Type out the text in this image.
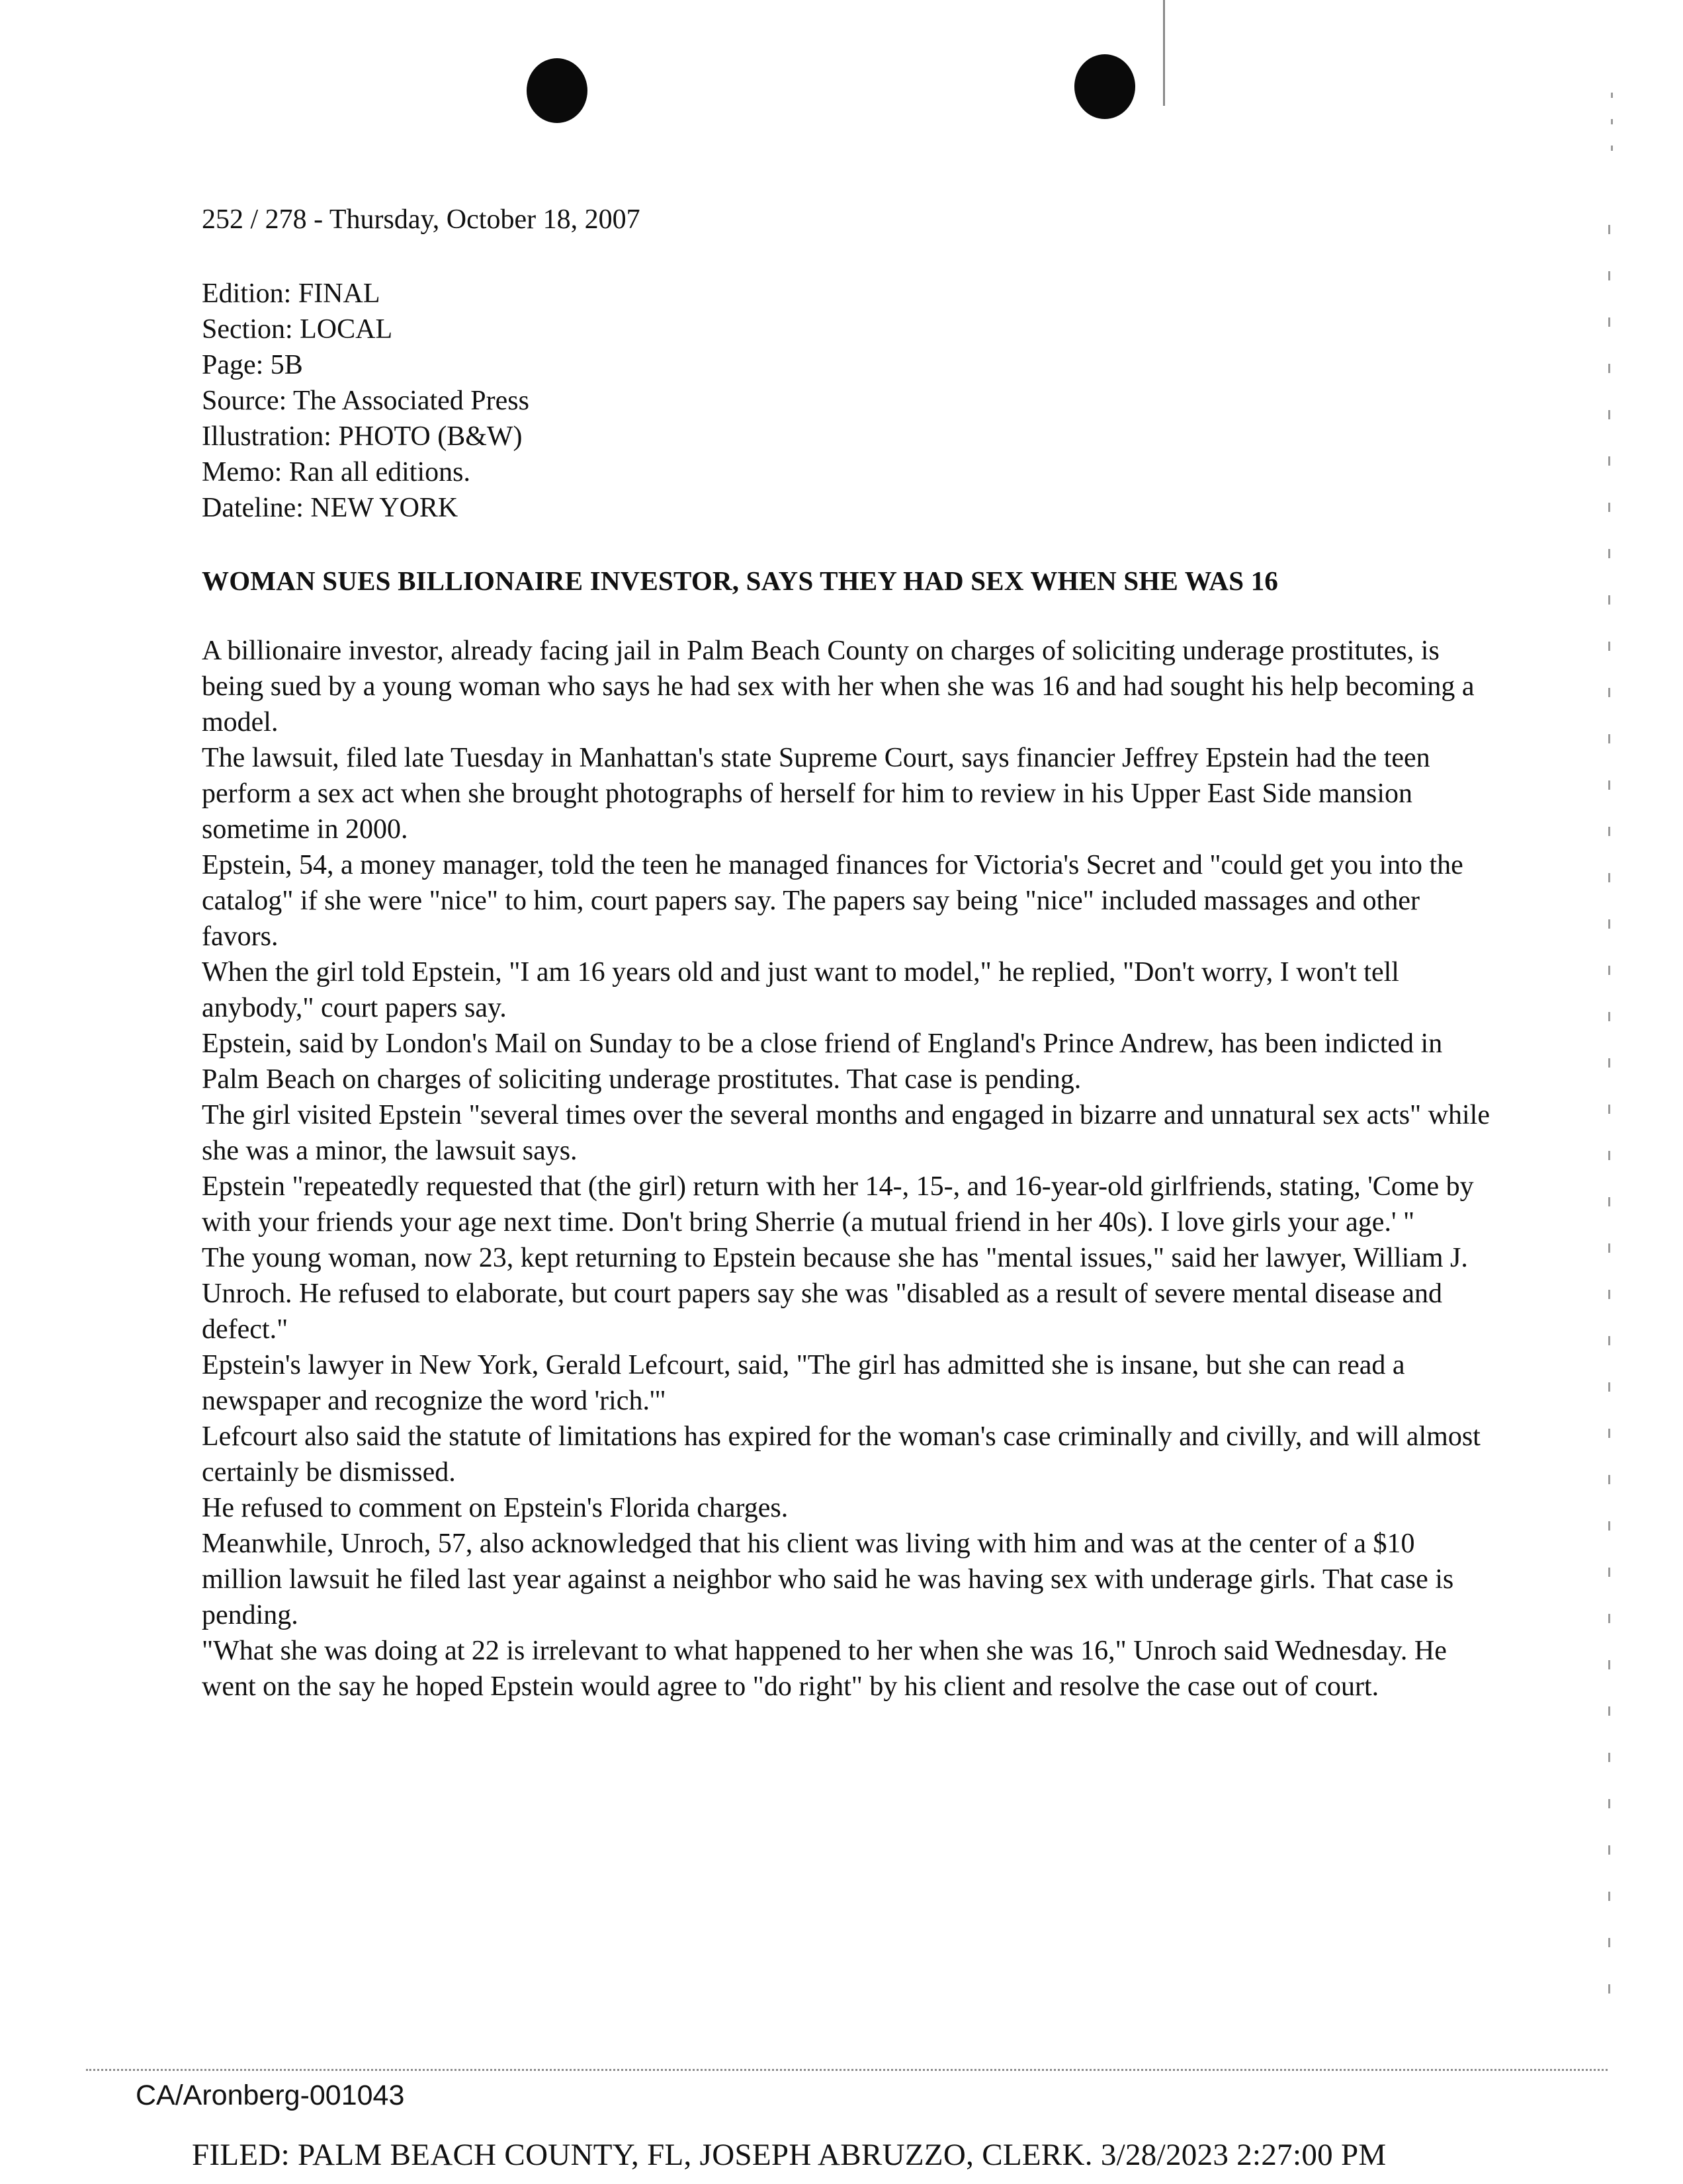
252 / 278 - Thursday, October 18, 2007

Edition: FINAL

Section: LOCAL

Page: 5B

Source: The Associated Press

Illustration: PHOTO (B&W)

Memo: Ran all editions.

Dateline: NEW YORK

WOMAN SUES BILLIONAIRE INVESTOR, SAYS THEY HAD SEX WHEN SHE WAS 16

A billionaire investor, already facing jail in Palm Beach County on charges of soliciting underage prostitutes, is being sued by a young woman who says he had sex with her when she was 16 and had sought his help becoming a model.

The lawsuit, filed late Tuesday in Manhattan's state Supreme Court, says financier Jeffrey Epstein had the teen perform a sex act when she brought photographs of herself for him to review in his Upper East Side mansion sometime in 2000.

Epstein, 54, a money manager, told the teen he managed finances for Victoria's Secret and "could get you into the catalog" if she were "nice" to him, court papers say. The papers say being "nice" included massages and other favors.

When the girl told Epstein, "I am 16 years old and just want to model," he replied, "Don't worry, I won't tell anybody," court papers say.

Epstein, said by London's Mail on Sunday to be a close friend of England's Prince Andrew, has been indicted in Palm Beach on charges of soliciting underage prostitutes. That case is pending.

The girl visited Epstein "several times over the several months and engaged in bizarre and unnatural sex acts" while she was a minor, the lawsuit says.

Epstein "repeatedly requested that (the girl) return with her 14-, 15-, and 16-year-old girlfriends, stating, 'Come by with your friends your age next time. Don't bring Sherrie (a mutual friend in her 40s). I love girls your age.' "

The young woman, now 23, kept returning to Epstein because she has "mental issues," said her lawyer, William J. Unroch. He refused to elaborate, but court papers say she was "disabled as a result of severe mental disease and defect."

Epstein's lawyer in New York, Gerald Lefcourt, said, "The girl has admitted she is insane, but she can read a newspaper and recognize the word 'rich.'"

Lefcourt also said the statute of limitations has expired for the woman's case criminally and civilly, and will almost certainly be dismissed.

He refused to comment on Epstein's Florida charges.

Meanwhile, Unroch, 57, also acknowledged that his client was living with him and was at the center of a $10 million lawsuit he filed last year against a neighbor who said he was having sex with underage girls. That case is pending.

"What she was doing at 22 is irrelevant to what happened to her when she was 16," Unroch said Wednesday. He went on the say he hoped Epstein would agree to "do right" by his client and resolve the case out of court.

CA/Aronberg-001043
FILED: PALM BEACH COUNTY, FL, JOSEPH ABRUZZO, CLERK. 3/28/2023 2:27:00 PM
